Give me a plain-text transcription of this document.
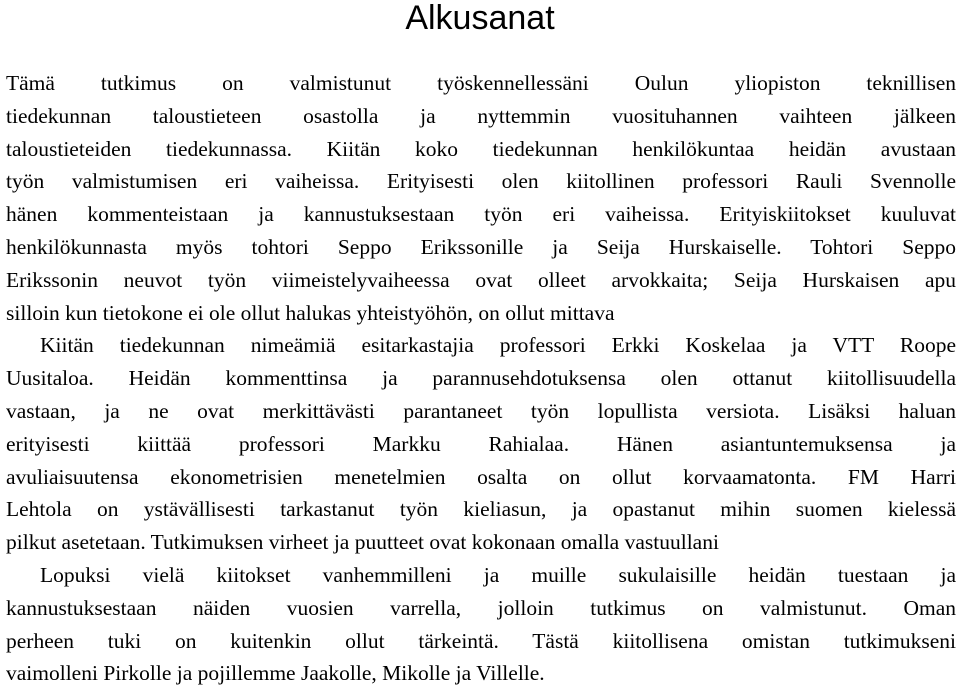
Alkusanat
Tämä tutkimus on valmistunut työskennellessäni Oulun yliopiston teknillisen
tiedekunnan taloustieteen osastolla ja nyttemmin vuosituhannen vaihteen jälkeen
taloustieteiden tiedekunnassa. Kiitän koko tiedekunnan henkilökuntaa heidän avustaan
työn valmistumisen eri vaiheissa. Erityisesti olen kiitollinen professori Rauli Svennolle
hänen kommenteistaan ja kannustuksestaan työn eri vaiheissa. Erityiskiitokset kuuluvat
henkilökunnasta myös tohtori Seppo Erikssonille ja Seija Hurskaiselle. Tohtori Seppo
Erikssonin neuvot työn viimeistelyvaiheessa ovat olleet arvokkaita; Seija Hurskaisen apu
silloin kun tietokone ei ole ollut halukas yhteistyöhön, on ollut mittava
Kiitän tiedekunnan nimeämiä esitarkastajia professori Erkki Koskelaa ja VTT Roope
Uusitaloa. Heidän kommenttinsa ja parannusehdotuksensa olen ottanut kiitollisuudella
vastaan, ja ne ovat merkittävästi parantaneet työn lopullista versiota. Lisäksi haluan
erityisesti kiittää professori Markku Rahialaa. Hänen asiantuntemuksensa ja
avuliaisuutensa ekonometrisien menetelmien osalta on ollut korvaamatonta. FM Harri
Lehtola on ystävällisesti tarkastanut työn kieliasun, ja opastanut mihin suomen kielessä
pilkut asetetaan. Tutkimuksen virheet ja puutteet ovat kokonaan omalla vastuullani
Lopuksi vielä kiitokset vanhemmilleni ja muille sukulaisille heidän tuestaan ja
kannustuksestaan näiden vuosien varrella, jolloin tutkimus on valmistunut. Oman
perheen tuki on kuitenkin ollut tärkeintä. Tästä kiitollisena omistan tutkimukseni
vaimolleni Pirkolle ja pojillemme Jaakolle, Mikolle ja Villelle.
